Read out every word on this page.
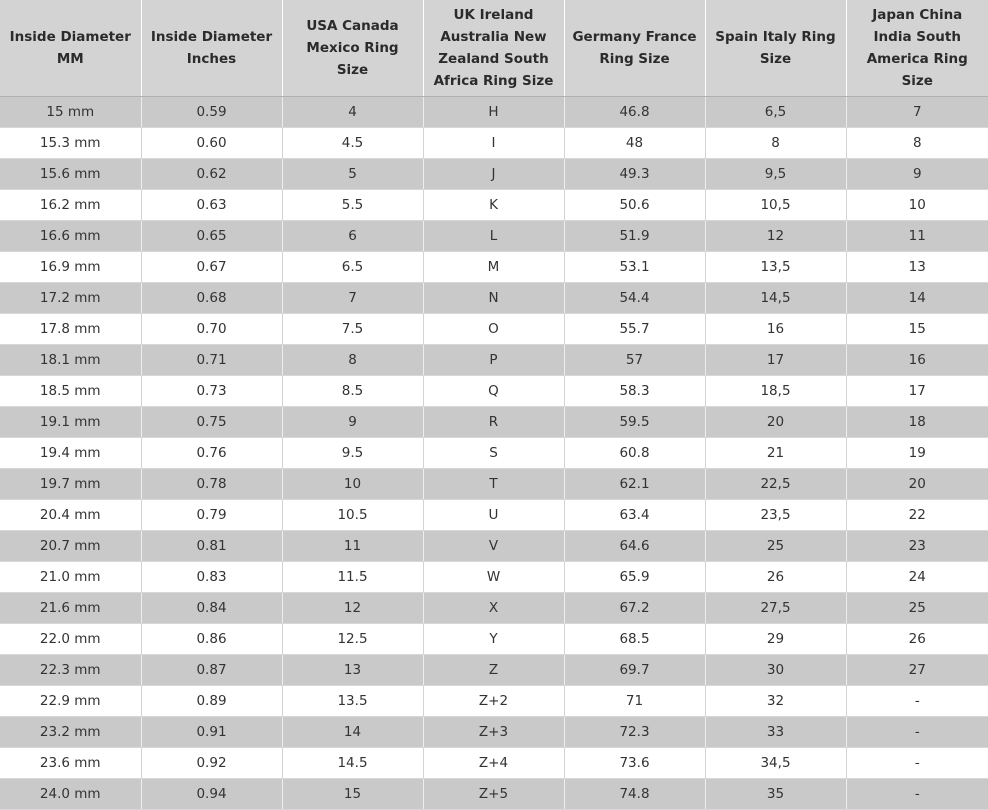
Inside Diameter MM	Inside Diameter Inches	USA Canada Mexico Ring Size	UK Ireland Australia New Zealand South Africa Ring Size	Germany France Ring Size	Spain Italy Ring Size	Japan China India South America Ring Size
15 mm	0.59	4	H	46.8	6,5	7
15.3 mm	0.60	4.5	I	48	8	8
15.6 mm	0.62	5	J	49.3	9,5	9
16.2 mm	0.63	5.5	K	50.6	10,5	10
16.6 mm	0.65	6	L	51.9	12	11
16.9 mm	0.67	6.5	M	53.1	13,5	13
17.2 mm	0.68	7	N	54.4	14,5	14
17.8 mm	0.70	7.5	O	55.7	16	15
18.1 mm	0.71	8	P	57	17	16
18.5 mm	0.73	8.5	Q	58.3	18,5	17
19.1 mm	0.75	9	R	59.5	20	18
19.4 mm	0.76	9.5	S	60.8	21	19
19.7 mm	0.78	10	T	62.1	22,5	20
20.4 mm	0.79	10.5	U	63.4	23,5	22
20.7 mm	0.81	11	V	64.6	25	23
21.0 mm	0.83	11.5	W	65.9	26	24
21.6 mm	0.84	12	X	67.2	27,5	25
22.0 mm	0.86	12.5	Y	68.5	29	26
22.3 mm	0.87	13	Z	69.7	30	27
22.9 mm	0.89	13.5	Z+2	71	32	-
23.2 mm	0.91	14	Z+3	72.3	33	-
23.6 mm	0.92	14.5	Z+4	73.6	34,5	-
24.0 mm	0.94	15	Z+5	74.8	35	-
